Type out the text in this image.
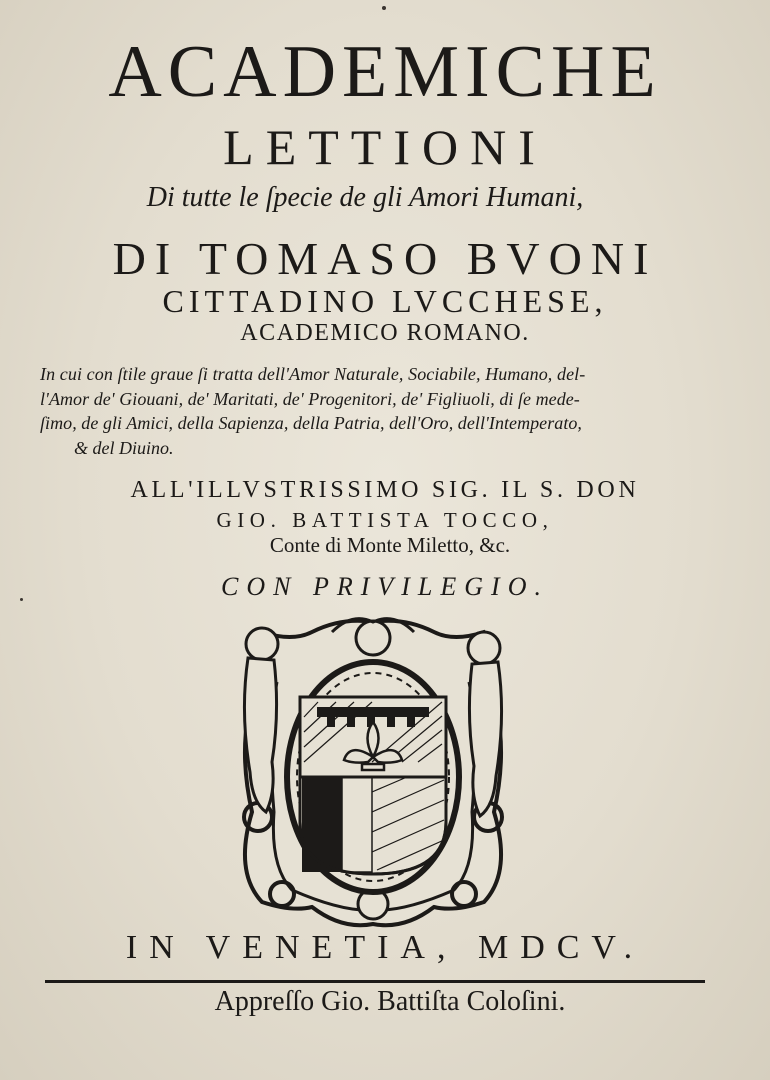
ACADEMICHE
LETTIONI
Di tutte le ſpecie de gli Amori Humani,
DI TOMASO BVONI
CITTADINO LVCCHESE,
ACADEMICO ROMANO.
In cui con ſtile graue ſi tratta dell'Amor Naturale, Sociabile, Humano, del-
l'Amor de' Giouani, de' Maritati, de' Progenitori, de' Figliuoli, di ſe mede-
ſimo, de gli Amici, della Sapienza, della Patria, dell'Oro, dell'Intemperato,
& del Diuino.
ALL'ILLVSTRISSIMO SIG. IL S. DON
GIO. BATTISTA TOCCO,
Conte di Monte Miletto, &c.
CON PRIVILEGIO.
IN VENETIA, MDCV.
Appreſſo Gio. Battiſta Coloſini.
